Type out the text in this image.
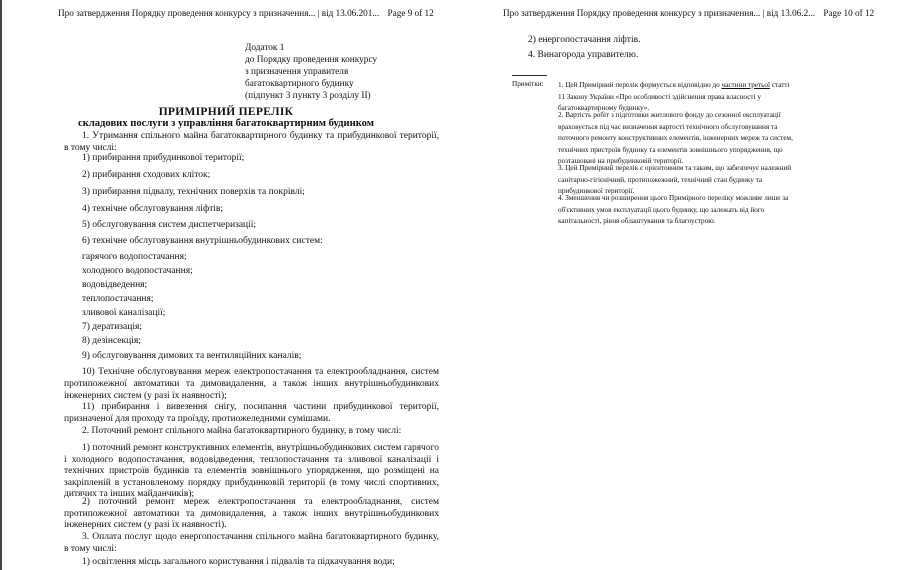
Про затвердження Порядку проведення конкурсу з призначення... | від 13.06.201... Page 9 of 12
Додаток 1
до Порядку проведення конкурсу
з призначення управителя
багатоквартирного будинку
(підпункт 3 пункту 3 розділу ІІ)
ПРИМІРНИЙ ПЕРЕЛІК
складових послуги з управління багатоквартирним будинком
1. Утримання спільного майна багатоквартирного будинку та прибудинкової території, в тому числі:
1) прибирання прибудинкової території;
2) прибирання сходових кліток;
3) прибирання підвалу, технічних поверхів та покрівлі;
4) технічне обслуговування ліфтів;
5) обслуговування систем диспетчеризації;
6) технічне обслуговування внутрішньобудинкових систем:
гарячого водопостачання;
холодного водопостачання;
водовідведення;
теплопостачання;
зливової каналізації;
7) дератизація;
8) дезінсекція;
9) обслуговування димових та вентиляційних каналів;
10) Технічне обслуговування мереж електропостачання та електрообладнання, систем протипожежної автоматики та димовидалення, а також інших внутрішньобудинкових інженерних систем (у разі їх наявності);
11) прибирання і вивезення снігу, посипання частини прибудинкової території, призначеної для проходу та проїзду, протиожеледними сумішами.
2. Поточний ремонт спільного майна багатоквартирного будинку, в тому числі:
1) поточний ремонт конструктивних елементів, внутрішньобудинкових систем гарячого і холодного водопостачання, водовідведення, теплопостачання та зливової каналізації і технічних пристроїв будинків та елементів зовнішнього упорядження, що розміщені на закріпленій в установленому порядку прибудинковій території (в тому числі спортивних, дитячих та інших майданчиків);
Про затвердження Порядку проведення конкурсу з призначення... | від 13.06.2... Page 10 of 12
2) енергопостачання ліфтів.
4. Винагорода управителю.
Примітки: 1. Цей Примірний перелік формується відповідно до частини третьої статті 11 Закону України «Про особливості здійснення права власності у багатоквартирному будинку».
2. Вартість робіт з підготовки житлового фонду до сезонної експлуатації враховується під час визначення вартості технічного обслуговування та поточного ремонту конструктивних елементів, інженерних мереж та систем, технічних пристроїв будинку та елементів зовнішнього упорядження, що розташовані на прибудинковій території.
3. Цей Примірний перелік є орієнтовним та таким, що забезпечує належний санітарно-гігієнічний, протипожежний, технічний стан будинку та прибудинкової території.
4. Зменшення чи розширення цього Примірного переліку можливе лише за об'єктивних умов експлуатації цього будинку, що залежать від його капітальності, рівня облаштування та благоустрою.
2) поточний ремонт мереж електропостачання та електрообладнання, систем протипожежної автоматики та димовидалення, а також інших внутрішньобудинкових інженерних систем (у разі їх наявності).
3. Оплата послуг щодо енергопостачання спільного майна багатоквартирного будинку, в тому числі:
1) освітлення місць загального користування і підвалів та підкачування води;
